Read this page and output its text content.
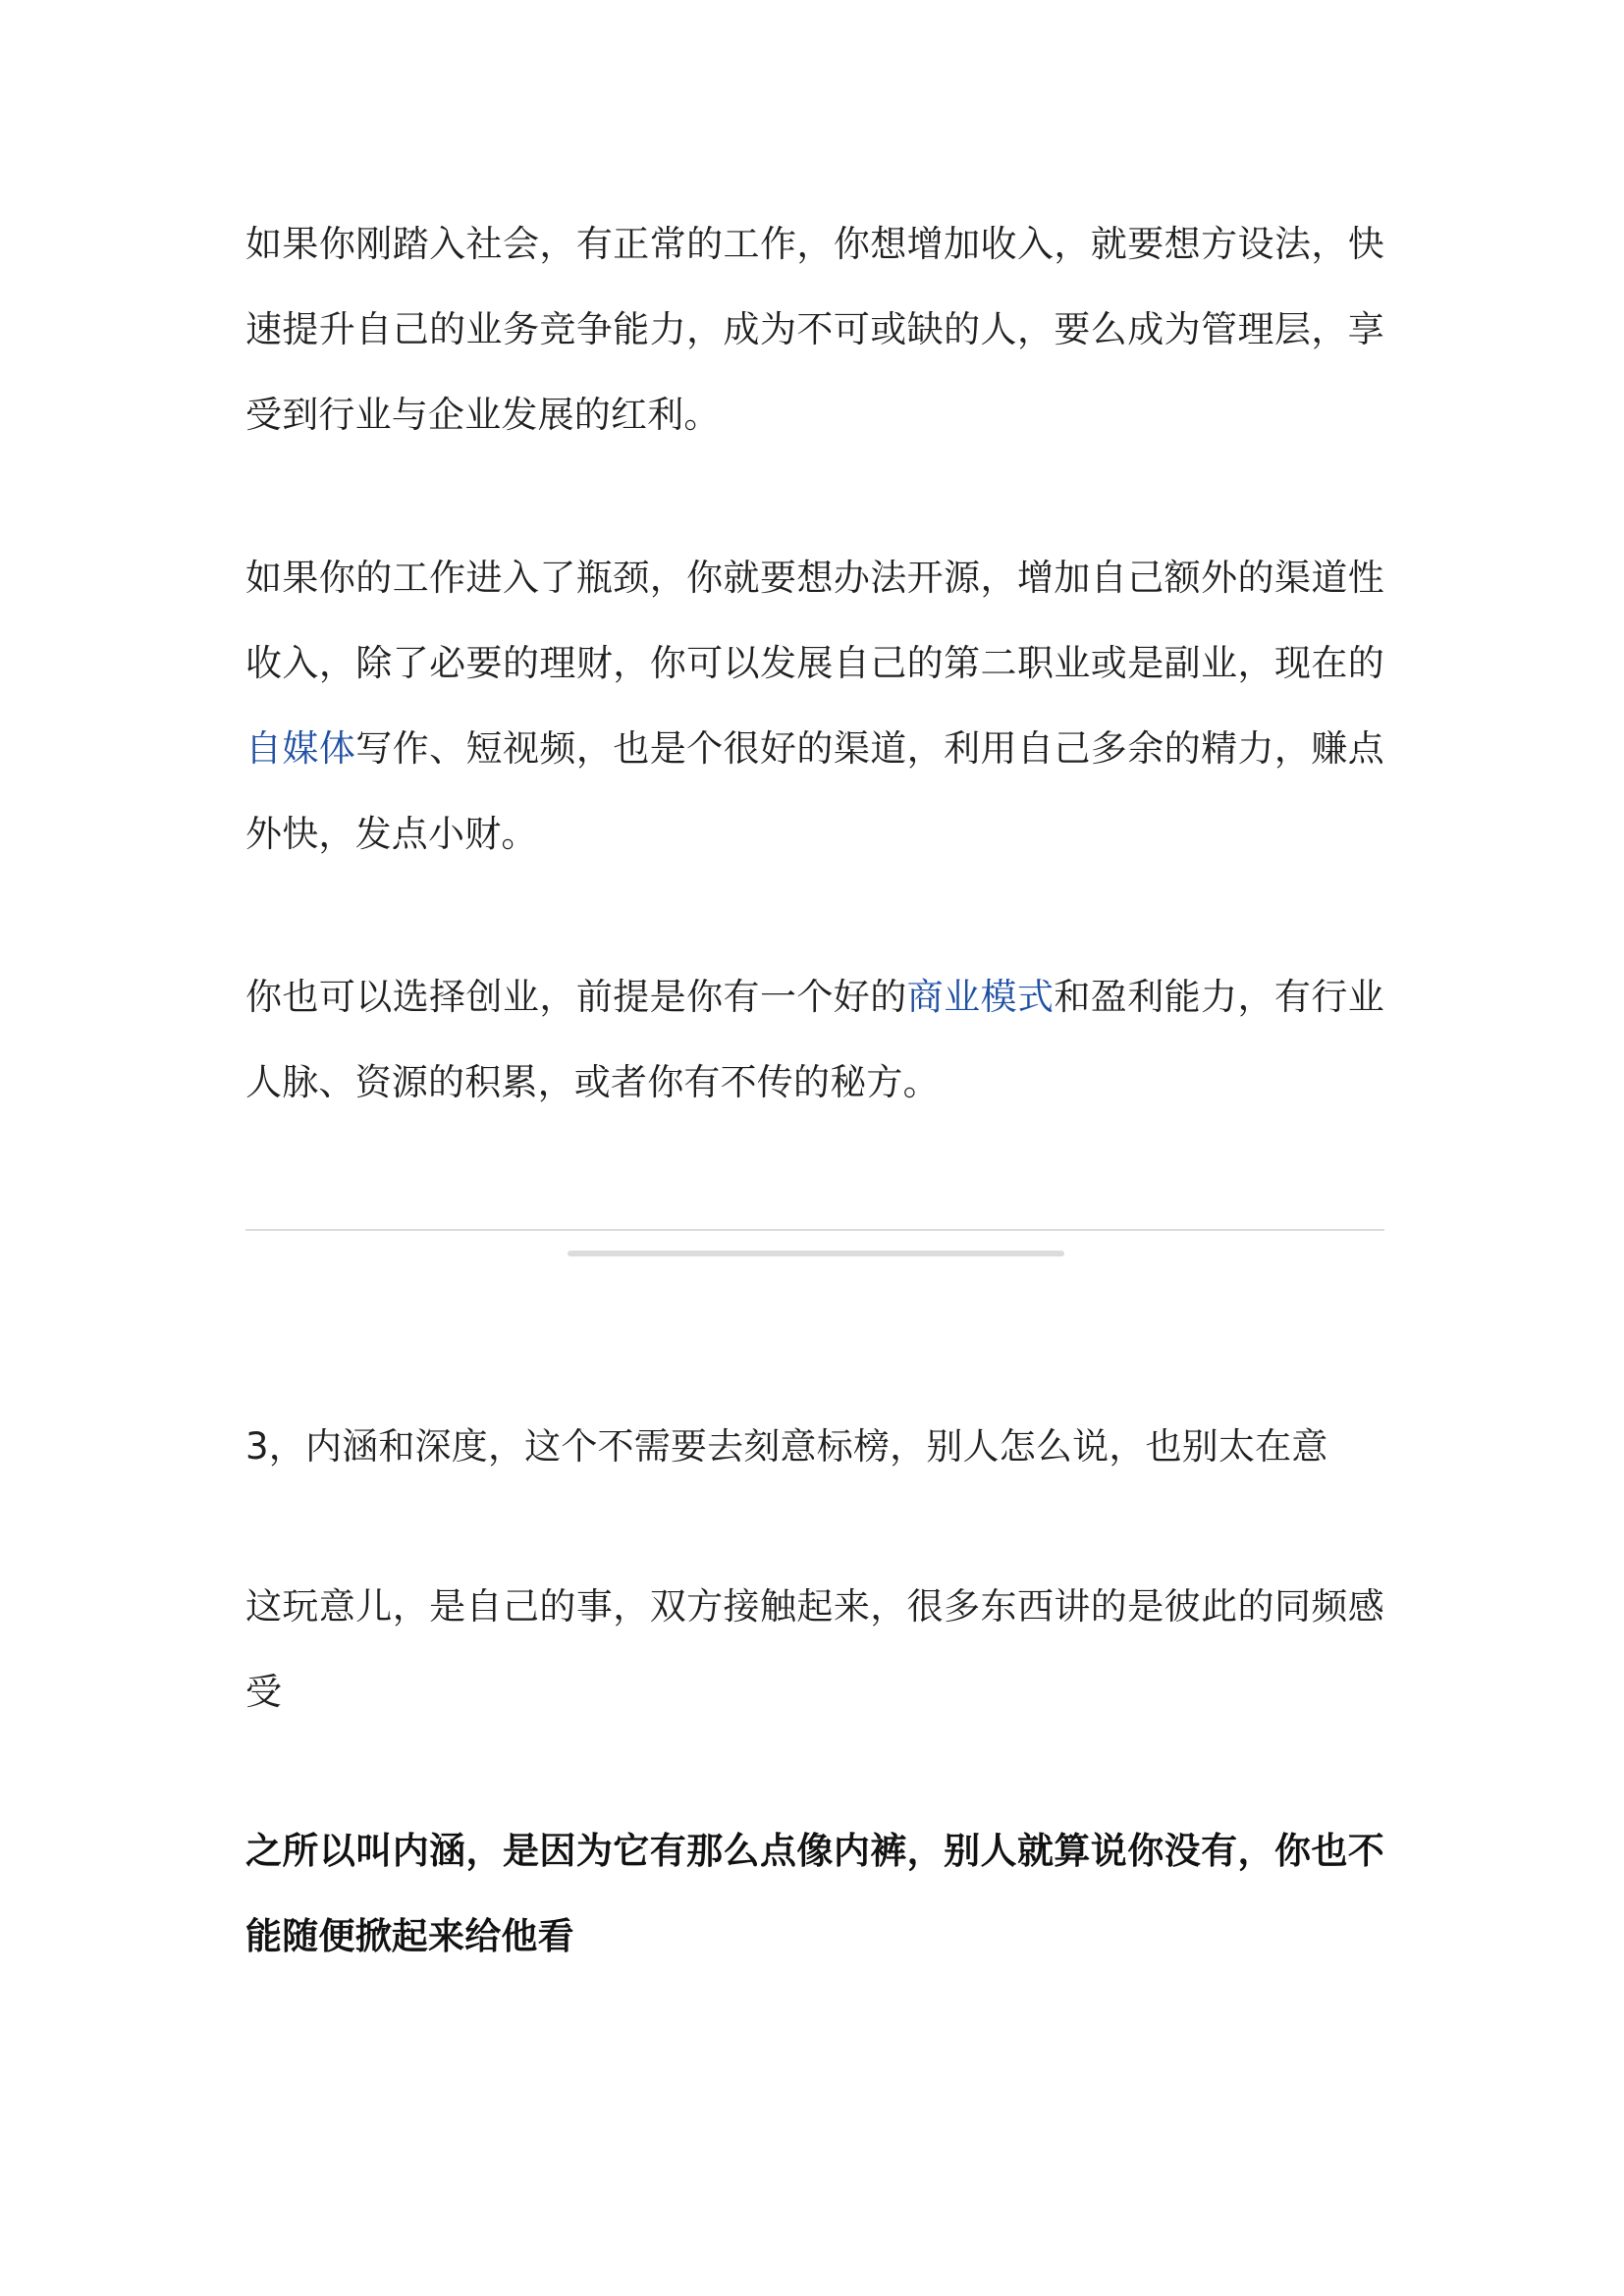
如果你刚踏入社会，有正常的工作，你想增加收入，就要想方设法，快速提升自己的业务竞争能力，成为不可或缺的人，要么成为管理层，享受到行业与企业发展的红利。

如果你的工作进入了瓶颈，你就要想办法开源，增加自己额外的渠道性收入，除了必要的理财，你可以发展自己的第二职业或是副业，现在的自媒体写作、短视频，也是个很好的渠道，利用自己多余的精力，赚点外快，发点小财。

你也可以选择创业，前提是你有一个好的商业模式和盈利能力，有行业人脉、资源的积累，或者你有不传的秘方。

3，内涵和深度，这个不需要去刻意标榜，别人怎么说，也别太在意

这玩意儿，是自己的事，双方接触起来，很多东西讲的是彼此的同频感受

之所以叫内涵，是因为它有那么点像内裤，别人就算说你没有，你也不能随便掀起来给他看
